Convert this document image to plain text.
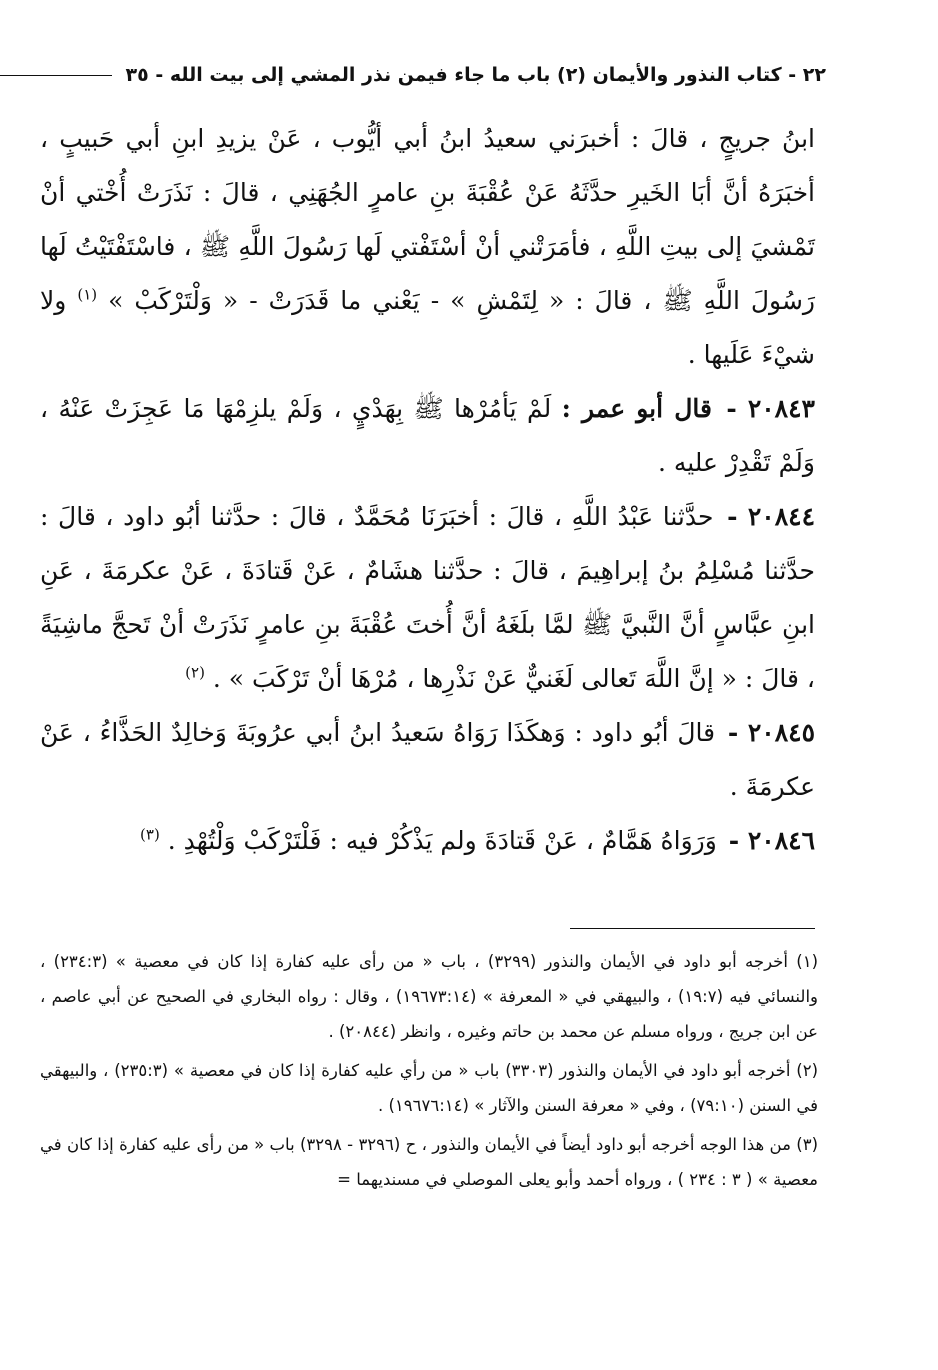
٢٢ - كتاب النذور والأيمان (٢) باب ما جاء فيمن نذر المشي إلى بيت الله - ٣٥

ابنُ جريجٍ ، قالَ : أخبرَني سعيدُ ابنُ أبي أيُّوب ، عَنْ يزيدِ ابنِ أبي حَبيبٍ ، أخبَرَهُ أنَّ أبَا الخَيرِ حدَّثَهُ عَنْ عُقْبَةَ بنِ عامرٍ الجُهَنِي ، قالَ : نَذَرَتْ أُخْتي أنْ تَمْشيَ إلى بيتِ اللَّهِ ، فأمَرَتْني أنْ أسْتَفْتي لَها رَسُولَ اللَّهِ ﷺ ، فاسْتَفْتَيْتُ لَها رَسُولَ اللَّهِ ﷺ ، قالَ : « لِتَمْشِ » - يَعْني ما قَدَرَتْ - « وَلْتَرْكَبْ » $^{(١)}$ ولا شيْءَ عَلَيها .

٢٠٨٤٣ - قال أبو عمر : لَمْ يَأمُرْها ﷺ بِهَدْيٍ ، وَلَمْ يلزِمْهَا مَا عَجِزَتْ عَنْهُ ، وَلَمْ تَقْدِرْ عليه .

٢٠٨٤٤ - حدَّثنا عَبْدُ اللَّهِ ، قالَ : أخبَرَنَا مُحَمَّدٌ ، قالَ : حدَّثنا أبُو داود ، قالَ : حدَّثنا مُسْلِمُ بنُ إبراهِيمَ ، قالَ : حدَّثنا هشَامٌ ، عَنْ قَتادَةَ ، عَنْ عكرمَةَ ، عَنِ ابنِ عبَّاسٍ أنَّ النَّبيَّ ﷺ لمَّا بلَغَهُ أنَّ أُختَ عُقْبَةَ بنِ عامرٍ نَذَرَتْ أنْ تَحجَّ ماشِيَةً ، قالَ : « إنَّ اللَّهَ تَعالى لَغَنيٌّ عَنْ نَذْرِها ، مُرْهَا أنْ تَرْكَبَ » . $^{(٢)}$

٢٠٨٤٥ - قالَ أبُو داود : وَهكَذَا رَوَاهُ سَعيدُ ابنُ أبي عرُوبَةَ وَخالِدٌ الحَذَّاءُ ، عَنْ عكرمَةَ .

٢٠٨٤٦ - وَرَوَاهُ هَمَّامٌ ، عَنْ قَتادَةَ ولم يَذْكُرْ فيه : فَلْتَرْكَبْ وَلْتُهْدِ . $^{(٣)}$

(١) أخرجه أبو داود في الأيمان والنذور (٣٢٩٩) ، باب « من رأى عليه كفارة إذا كان في معصية » (٢٣٤:٣) ، والنسائي فيه (١٩:٧) ، والبيهقي في « المعرفة » (١٩٦٧٣:١٤) ، وقال : رواه البخاري في الصحيح عن أبي عاصم ، عن ابن جريج ، ورواه مسلم عن محمد بن حاتم وغيره ، وانظر (٢٠٨٤٤) .

(٢) أخرجه أبو داود في الأيمان والنذور (٣٣٠٣) باب « من رأي عليه كفارة إذا كان في معصية » (٢٣٥:٣) ، والبيهقي في السنن (٧٩:١٠) ، وفي « معرفة السنن والآثار » (١٩٦٧٦:١٤) .

(٣) من هذا الوجه أخرجه أبو داود أيضاً في الأيمان والنذور ، ح (٣٢٩٦ - ٣٢٩٨) باب « من رأى عليه كفارة إذا كان في معصية » ( ٣ : ٢٣٤ ) ، ورواه أحمد وأبو يعلى الموصلي في مسنديهما =
